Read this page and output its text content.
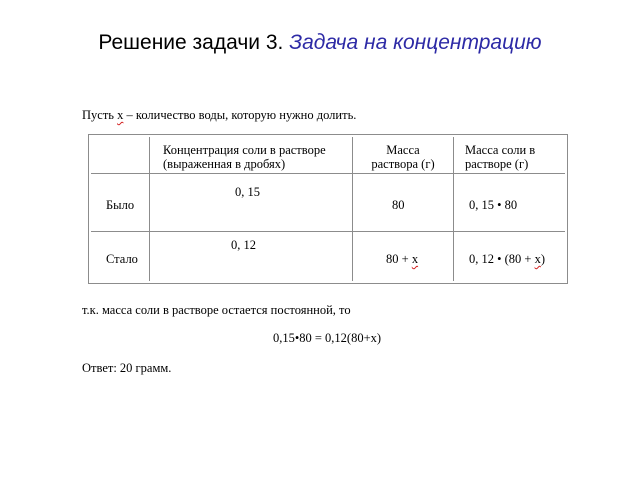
Решение задачи 3. Задача на концентрацию
Пусть х – количество воды, которую нужно долить.
Концентрация соли в растворе
(выраженная в дробях)
Масса
раствора (г)
Масса соли в
растворе (г)
Было
0, 15
80	0, 15 • 80
Стало
0, 12
80 + х	0, 12 • (80 + х)
т.к. масса соли в растворе остается постоянной, то
0,15•80 = 0,12(80+х)
Ответ: 20 грамм.
